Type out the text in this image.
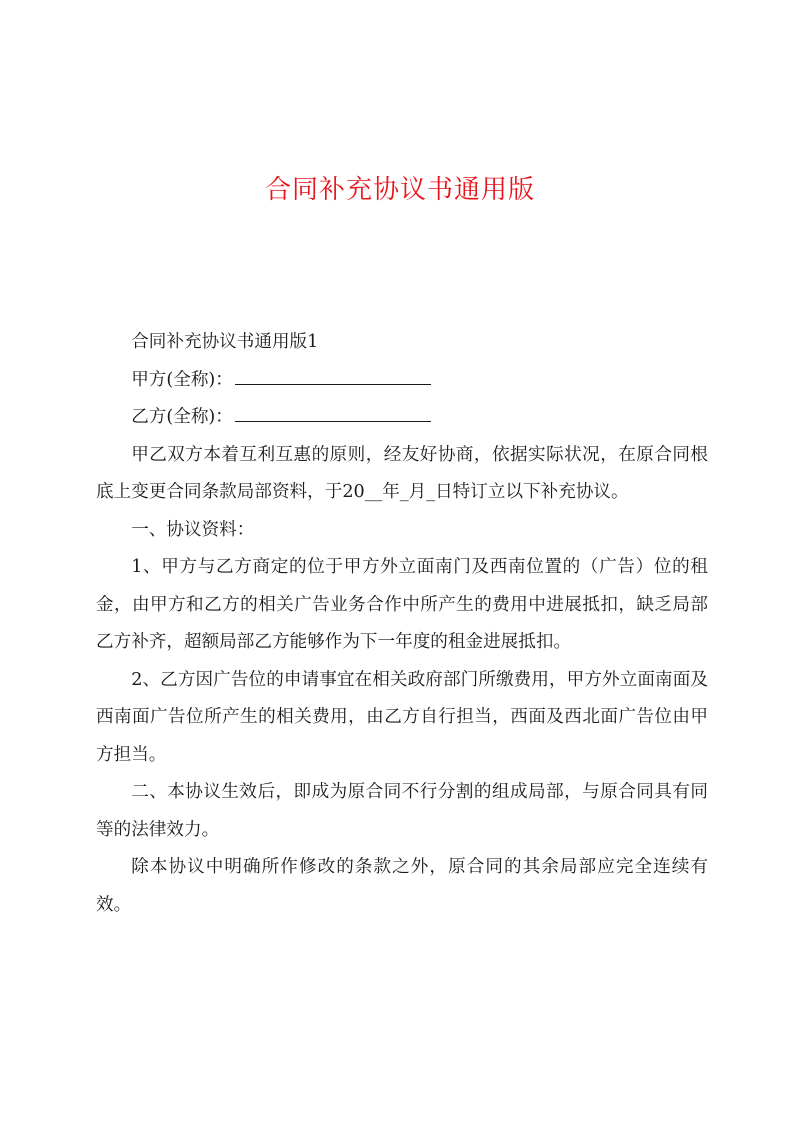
合同补充协议书通用版

合同补充协议书通用版1

甲方(全称)：

乙方(全称)：

甲乙双方本着互利互惠的原则，经友好协商，依据实际状况，在原合同根底上变更合同条款局部资料，于20__年_月_日特订立以下补充协议。

一、协议资料：

1、甲方与乙方商定的位于甲方外立面南门及西南位置的（广告）位的租金，由甲方和乙方的相关广告业务合作中所产生的费用中进展抵扣，缺乏局部乙方补齐，超额局部乙方能够作为下一年度的租金进展抵扣。

2、乙方因广告位的申请事宜在相关政府部门所缴费用，甲方外立面南面及西南面广告位所产生的相关费用，由乙方自行担当，西面及西北面广告位由甲方担当。

二、本协议生效后，即成为原合同不行分割的组成局部，与原合同具有同等的法律效力。

除本协议中明确所作修改的条款之外，原合同的其余局部应完全连续有效。
